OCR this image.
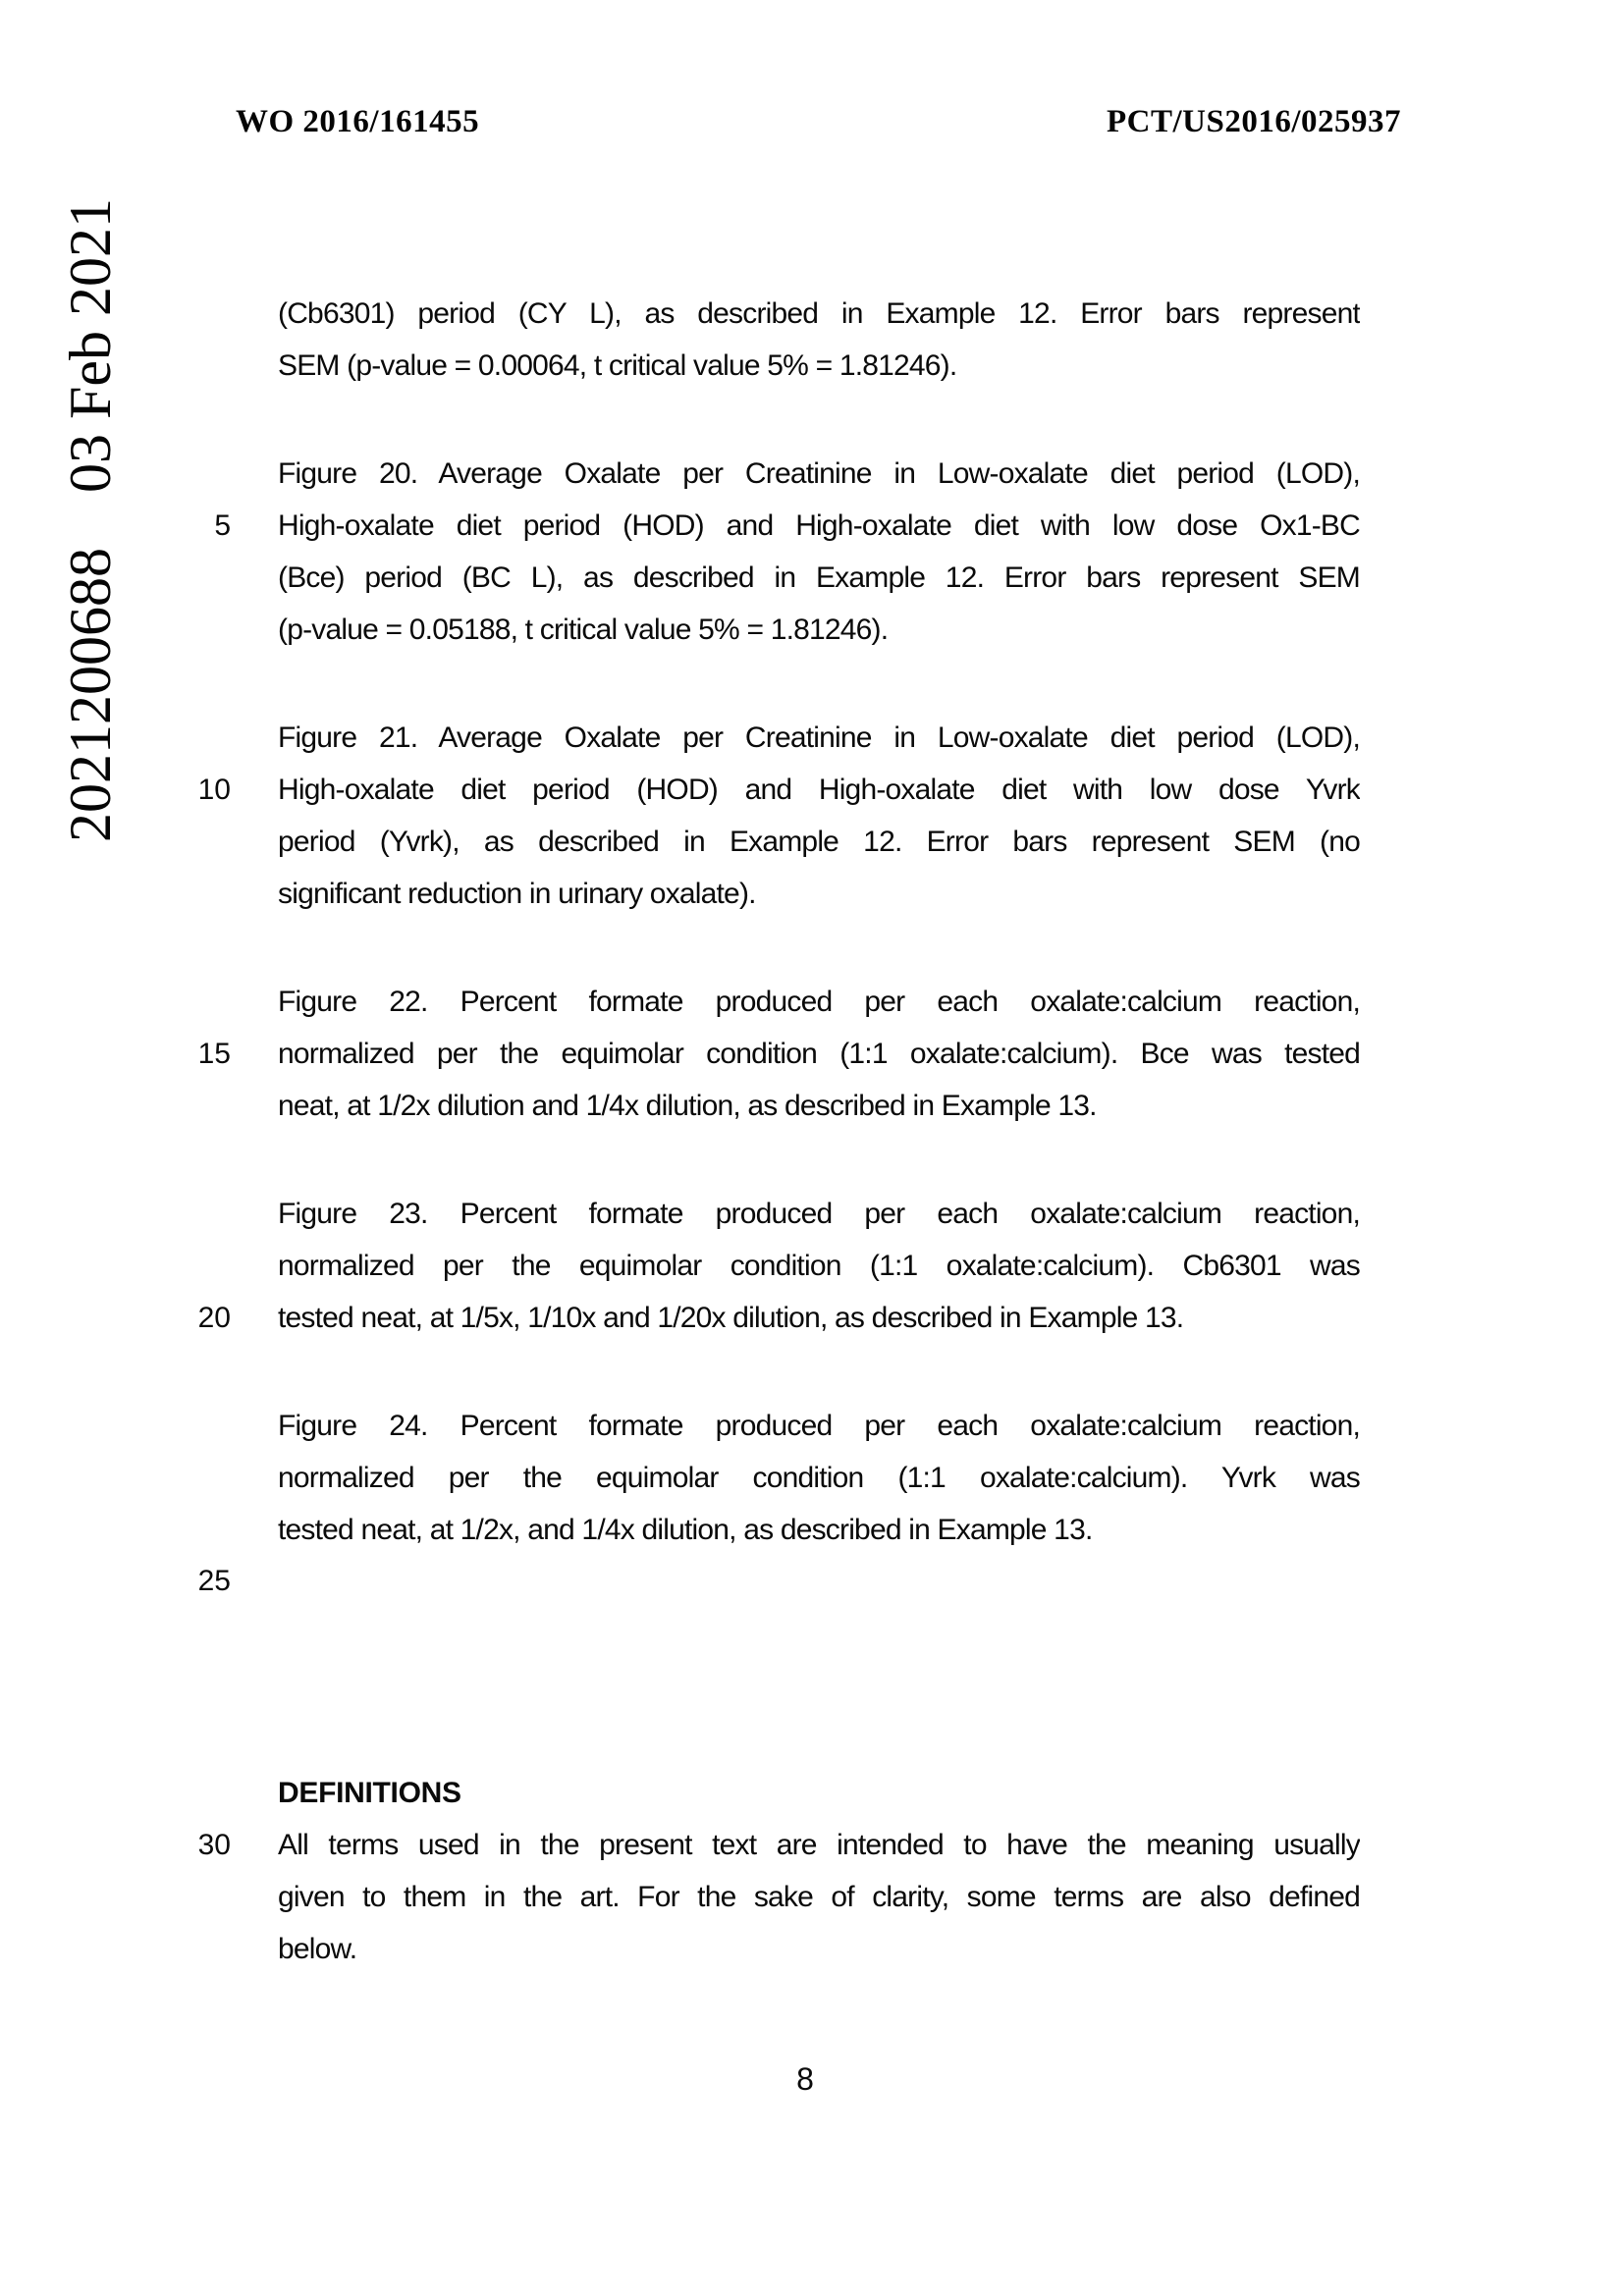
2021200688
03 Feb 2021
WO 2016/161455	PCT/US2016/025937
5
10
15
20
25
30
(Cb6301) period (CY L), as described in Example 12. Error bars represent
SEM (p-value = 0.00064, t critical value 5% = 1.81246).
Figure 20. Average Oxalate per Creatinine in Low-oxalate diet period (LOD),
High-oxalate diet period (HOD) and High-oxalate diet with low dose Ox1-BC
(Bce) period (BC L), as described in Example 12. Error bars represent SEM
(p-value = 0.05188, t critical value 5% = 1.81246).
Figure 21. Average Oxalate per Creatinine in Low-oxalate diet period (LOD),
High-oxalate diet period (HOD) and High-oxalate diet with low dose Yvrk
period (Yvrk), as described in Example 12. Error bars represent SEM (no
significant reduction in urinary oxalate).
Figure 22. Percent formate produced per each oxalate:calcium reaction,
normalized per the equimolar condition (1:1 oxalate:calcium). Bce was tested
neat, at 1/2x dilution and 1/4x dilution, as described in Example 13.
Figure 23. Percent formate produced per each oxalate:calcium reaction,
normalized per the equimolar condition (1:1 oxalate:calcium). Cb6301 was
tested neat, at 1/5x, 1/10x and 1/20x dilution, as described in Example 13.
Figure 24. Percent formate produced per each oxalate:calcium reaction,
normalized per the equimolar condition (1:1 oxalate:calcium). Yvrk was
tested neat, at 1/2x, and 1/4x dilution, as described in Example 13.
DEFINITIONS
All terms used in the present text are intended to have the meaning usually
given to them in the art. For the sake of clarity, some terms are also defined
below.
8
